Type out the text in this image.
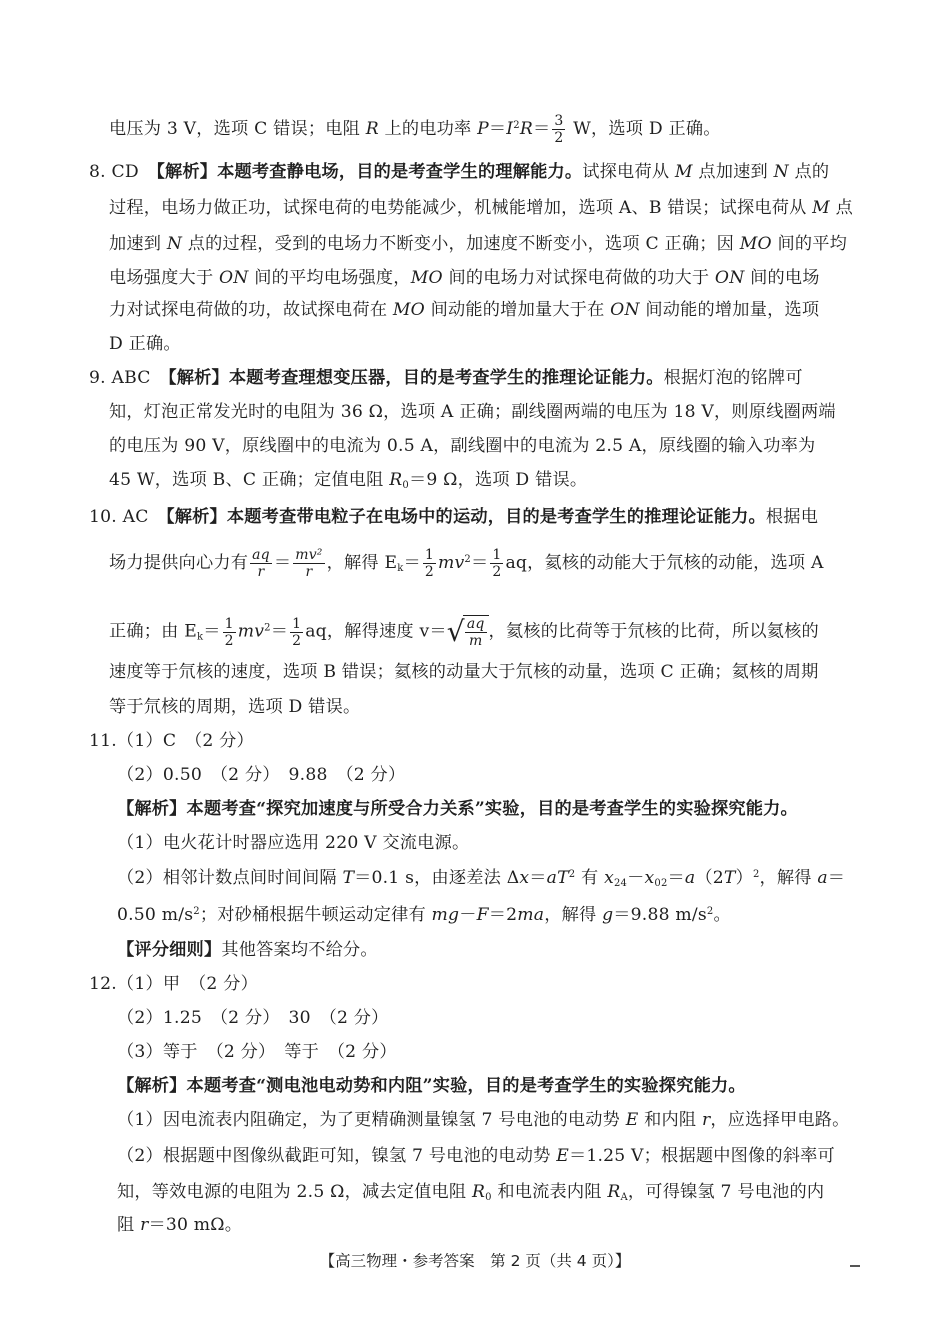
电压为 3 V，选项 C 错误；电阻 R 上的电功率 $P=I^2R= \frac{3}{2}$ W，选项 D 正确。
8. CD　 【解析】本题考查静电场，目的是考查学生的理解能力。试探电荷从 M 点加速到 N 点的
过程，电场力做正功，试探电荷的电势能减少，机械能增加，选项 A、B 错误；试探电荷从 M 点
加速到 N 点的过程，受到的电场力不断变小，加速度不断变小，选项 C 正确；因 MO 间的平均
电场强度大于 ON 间的平均电场强度，MO 间的电场力对试探电荷做的功大于 ON 间的电场
力对试探电荷做的功，故试探电荷在 MO 间动能的增加量大于在 ON 间动能的增加量，选项
D 正确。
9. ABC　 【解析】本题考查理想变压器，目的是考查学生的推理论证能力。根据灯泡的铭牌可
知，灯泡正常发光时的电阻为 36 Ω，选项 A 正确；副线圈两端的电压为 18 V，则原线圈两端
的电压为 90 V，原线圈中的电流为 0.5 A，副线圈中的电流为 2.5 A，原线圈的输入功率为
45 W，选项 B、C 正确；定值电阻 $R_0=9$ Ω，选项 D 错误。
10. AC　 【解析】本题考查带电粒子在电场中的运动，目的是考查学生的推理论证能力。根据电
场力提供向心力有 $\frac{aq}{r} = \frac{\text{mv²}}{r}$ ，解得 $E_k= \frac{1}{2} mv^2= \frac{1}{2}$ aq，氦核的动能大于氘核的动能，选项 A
正确；由 $E_k= \frac{1}{2} mv^2= \frac{1}{2}$ aq，解得速度 $v=√ \frac{aq}{m}$ ，氦核的比荷等于氘核的比荷，所以氦核的
速度等于氘核的速度，选项 B 错误；氦核的动量大于氘核的动量，选项 C 正确；氦核的周期
等于氘核的周期，选项 D 错误。
11.（1）C　（2 分）
（2）0.50　（2 分）　9.88　（2 分）
【解析】本题考查“探究加速度与所受合力关系”实验，目的是考查学生的实验探究能力。
（1）电火花计时器应选用 220 V 交流电源。
（2）相邻计数点间时间间隔 T＝0.1 s，由逐差法 $\Delta x=aT^2$ 有 $x_{24}-x_{02}=a(2T)^2$，解得 a＝
0.50 $m/s^2$；对砂桶根据牛顿运动定律有 mg－F＝2ma，解得 g＝9.88 $m/s^2$。
【评分细则】其他答案均不给分。
12.（1）甲　（2 分）
（2）1.25　（2 分）　30　（2 分）
（3）等于　（2 分）　等于　（2 分）
【解析】本题考查“测电池电动势和内阻”实验，目的是考查学生的实验探究能力。
（1）因电流表内阻确定，为了更精确测量镍氢 7 号电池的电动势 E 和内阻 r，应选择甲电路。
（2）根据题中图像纵截距可知，镍氢 7 号电池的电动势 E＝1.25 V；根据题中图像的斜率可
知，等效电源的电阻为 2.5 Ω，减去定值电阻 $R_0$ 和电流表内阻 $R_A$，可得镍氢 7 号电池的内
阻 r＝30 mΩ。
【高三物理・参考答案　第 2 页（共 4 页）】
